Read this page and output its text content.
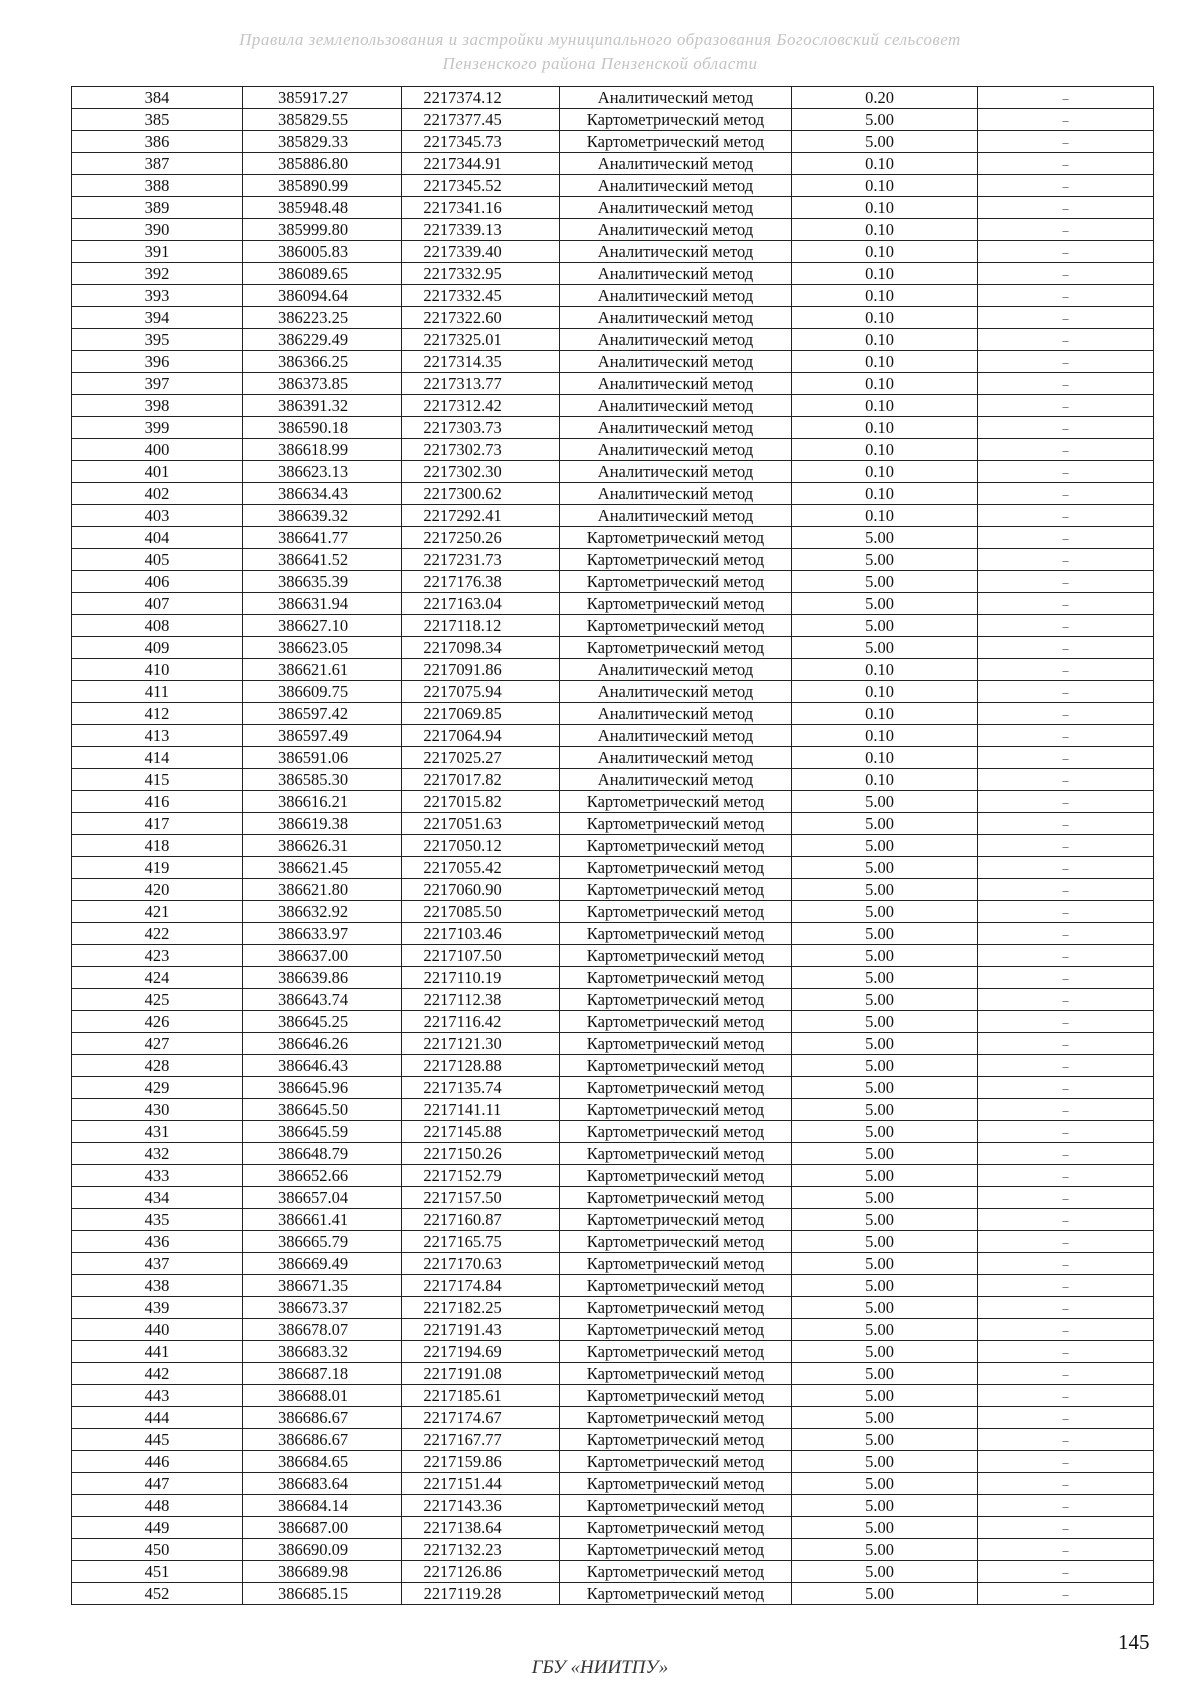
Правила землепользования и застройки муниципального образования Богословский сельсовет
Пензенского района Пензенской области
384	385917.27	2217374.12	Аналитический метод	0.20	–
385	385829.55	2217377.45	Картометрический метод	5.00	–
386	385829.33	2217345.73	Картометрический метод	5.00	–
387	385886.80	2217344.91	Аналитический метод	0.10	–
388	385890.99	2217345.52	Аналитический метод	0.10	–
389	385948.48	2217341.16	Аналитический метод	0.10	–
390	385999.80	2217339.13	Аналитический метод	0.10	–
391	386005.83	2217339.40	Аналитический метод	0.10	–
392	386089.65	2217332.95	Аналитический метод	0.10	–
393	386094.64	2217332.45	Аналитический метод	0.10	–
394	386223.25	2217322.60	Аналитический метод	0.10	–
395	386229.49	2217325.01	Аналитический метод	0.10	–
396	386366.25	2217314.35	Аналитический метод	0.10	–
397	386373.85	2217313.77	Аналитический метод	0.10	–
398	386391.32	2217312.42	Аналитический метод	0.10	–
399	386590.18	2217303.73	Аналитический метод	0.10	–
400	386618.99	2217302.73	Аналитический метод	0.10	–
401	386623.13	2217302.30	Аналитический метод	0.10	–
402	386634.43	2217300.62	Аналитический метод	0.10	–
403	386639.32	2217292.41	Аналитический метод	0.10	–
404	386641.77	2217250.26	Картометрический метод	5.00	–
405	386641.52	2217231.73	Картометрический метод	5.00	–
406	386635.39	2217176.38	Картометрический метод	5.00	–
407	386631.94	2217163.04	Картометрический метод	5.00	–
408	386627.10	2217118.12	Картометрический метод	5.00	–
409	386623.05	2217098.34	Картометрический метод	5.00	–
410	386621.61	2217091.86	Аналитический метод	0.10	–
411	386609.75	2217075.94	Аналитический метод	0.10	–
412	386597.42	2217069.85	Аналитический метод	0.10	–
413	386597.49	2217064.94	Аналитический метод	0.10	–
414	386591.06	2217025.27	Аналитический метод	0.10	–
415	386585.30	2217017.82	Аналитический метод	0.10	–
416	386616.21	2217015.82	Картометрический метод	5.00	–
417	386619.38	2217051.63	Картометрический метод	5.00	–
418	386626.31	2217050.12	Картометрический метод	5.00	–
419	386621.45	2217055.42	Картометрический метод	5.00	–
420	386621.80	2217060.90	Картометрический метод	5.00	–
421	386632.92	2217085.50	Картометрический метод	5.00	–
422	386633.97	2217103.46	Картометрический метод	5.00	–
423	386637.00	2217107.50	Картометрический метод	5.00	–
424	386639.86	2217110.19	Картометрический метод	5.00	–
425	386643.74	2217112.38	Картометрический метод	5.00	–
426	386645.25	2217116.42	Картометрический метод	5.00	–
427	386646.26	2217121.30	Картометрический метод	5.00	–
428	386646.43	2217128.88	Картометрический метод	5.00	–
429	386645.96	2217135.74	Картометрический метод	5.00	–
430	386645.50	2217141.11	Картометрический метод	5.00	–
431	386645.59	2217145.88	Картометрический метод	5.00	–
432	386648.79	2217150.26	Картометрический метод	5.00	–
433	386652.66	2217152.79	Картометрический метод	5.00	–
434	386657.04	2217157.50	Картометрический метод	5.00	–
435	386661.41	2217160.87	Картометрический метод	5.00	–
436	386665.79	2217165.75	Картометрический метод	5.00	–
437	386669.49	2217170.63	Картометрический метод	5.00	–
438	386671.35	2217174.84	Картометрический метод	5.00	–
439	386673.37	2217182.25	Картометрический метод	5.00	–
440	386678.07	2217191.43	Картометрический метод	5.00	–
441	386683.32	2217194.69	Картометрический метод	5.00	–
442	386687.18	2217191.08	Картометрический метод	5.00	–
443	386688.01	2217185.61	Картометрический метод	5.00	–
444	386686.67	2217174.67	Картометрический метод	5.00	–
445	386686.67	2217167.77	Картометрический метод	5.00	–
446	386684.65	2217159.86	Картометрический метод	5.00	–
447	386683.64	2217151.44	Картометрический метод	5.00	–
448	386684.14	2217143.36	Картометрический метод	5.00	–
449	386687.00	2217138.64	Картометрический метод	5.00	–
450	386690.09	2217132.23	Картометрический метод	5.00	–
451	386689.98	2217126.86	Картометрический метод	5.00	–
452	386685.15	2217119.28	Картометрический метод	5.00	–
145
ГБУ «НИИТПУ»
